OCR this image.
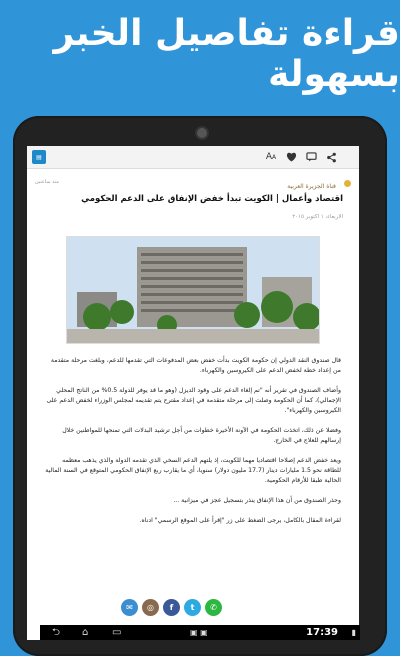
قراءة تفاصيل الخبر بسهولة
▤	A A
منذ ساعتين
قناة الجزيرة العربية
اقتصاد وأعمال | الكويت تبدأ خفض الإنفاق على الدعم الحكومي
الاربعاء، ١ اكتوبر ٢٠١٥
قال صندوق النقد الدولي إن حكومة الكويت بدأت خفض بعض المدفوعات التي تقدمها للدعم، وبلغت مرحلة متقدمة من إعداد خطة لخفض الدعم على الكيروسين والكهرباء.
وأضاف الصندوق في تقرير أنه "تم إلغاء الدعم على وقود الديزل (وهو ما قد يوفر للدولة 0.5% من الناتج المحلي الإجمالي)، كما أن الحكومة وصلت إلى مرحلة متقدمة في إعداد مقترح يتم تقديمه لمجلس الوزراء لخفض الدعم على الكيروسين والكهرباء".
وفضلا عن ذلك، اتخذت الحكومة في الآونة الأخيرة خطوات من أجل ترشيد البدلات التي تمنحها للمواطنين خلال إرسالهم للعلاج في الخارج.
ويعد خفض الدعم إصلاحا اقتصاديا مهما للكويت، إذ يلتهم الدعم السخي الذي تقدمه الدولة والذي يذهب معظمه للطاقة نحو 1.5 مليارات دينار (17.7 مليون دولار) سنويا، أي ما يقارب ربع الإنفاق الحكومي المتوقع في السنة المالية الحالية طبقا للأرقام الحكومية.
وحذر الصندوق من أن هذا الإنفاق ينذر بتسجيل عجز في ميزانية ...
لقراءة المقال بالكامل، يرجى الضغط على زر "إقرأ على الموقع الرسمي" ادناه.
✉	◎	f	t	✆
⮌ ⌂ ▭	▣ ▣	17:39 ▮
